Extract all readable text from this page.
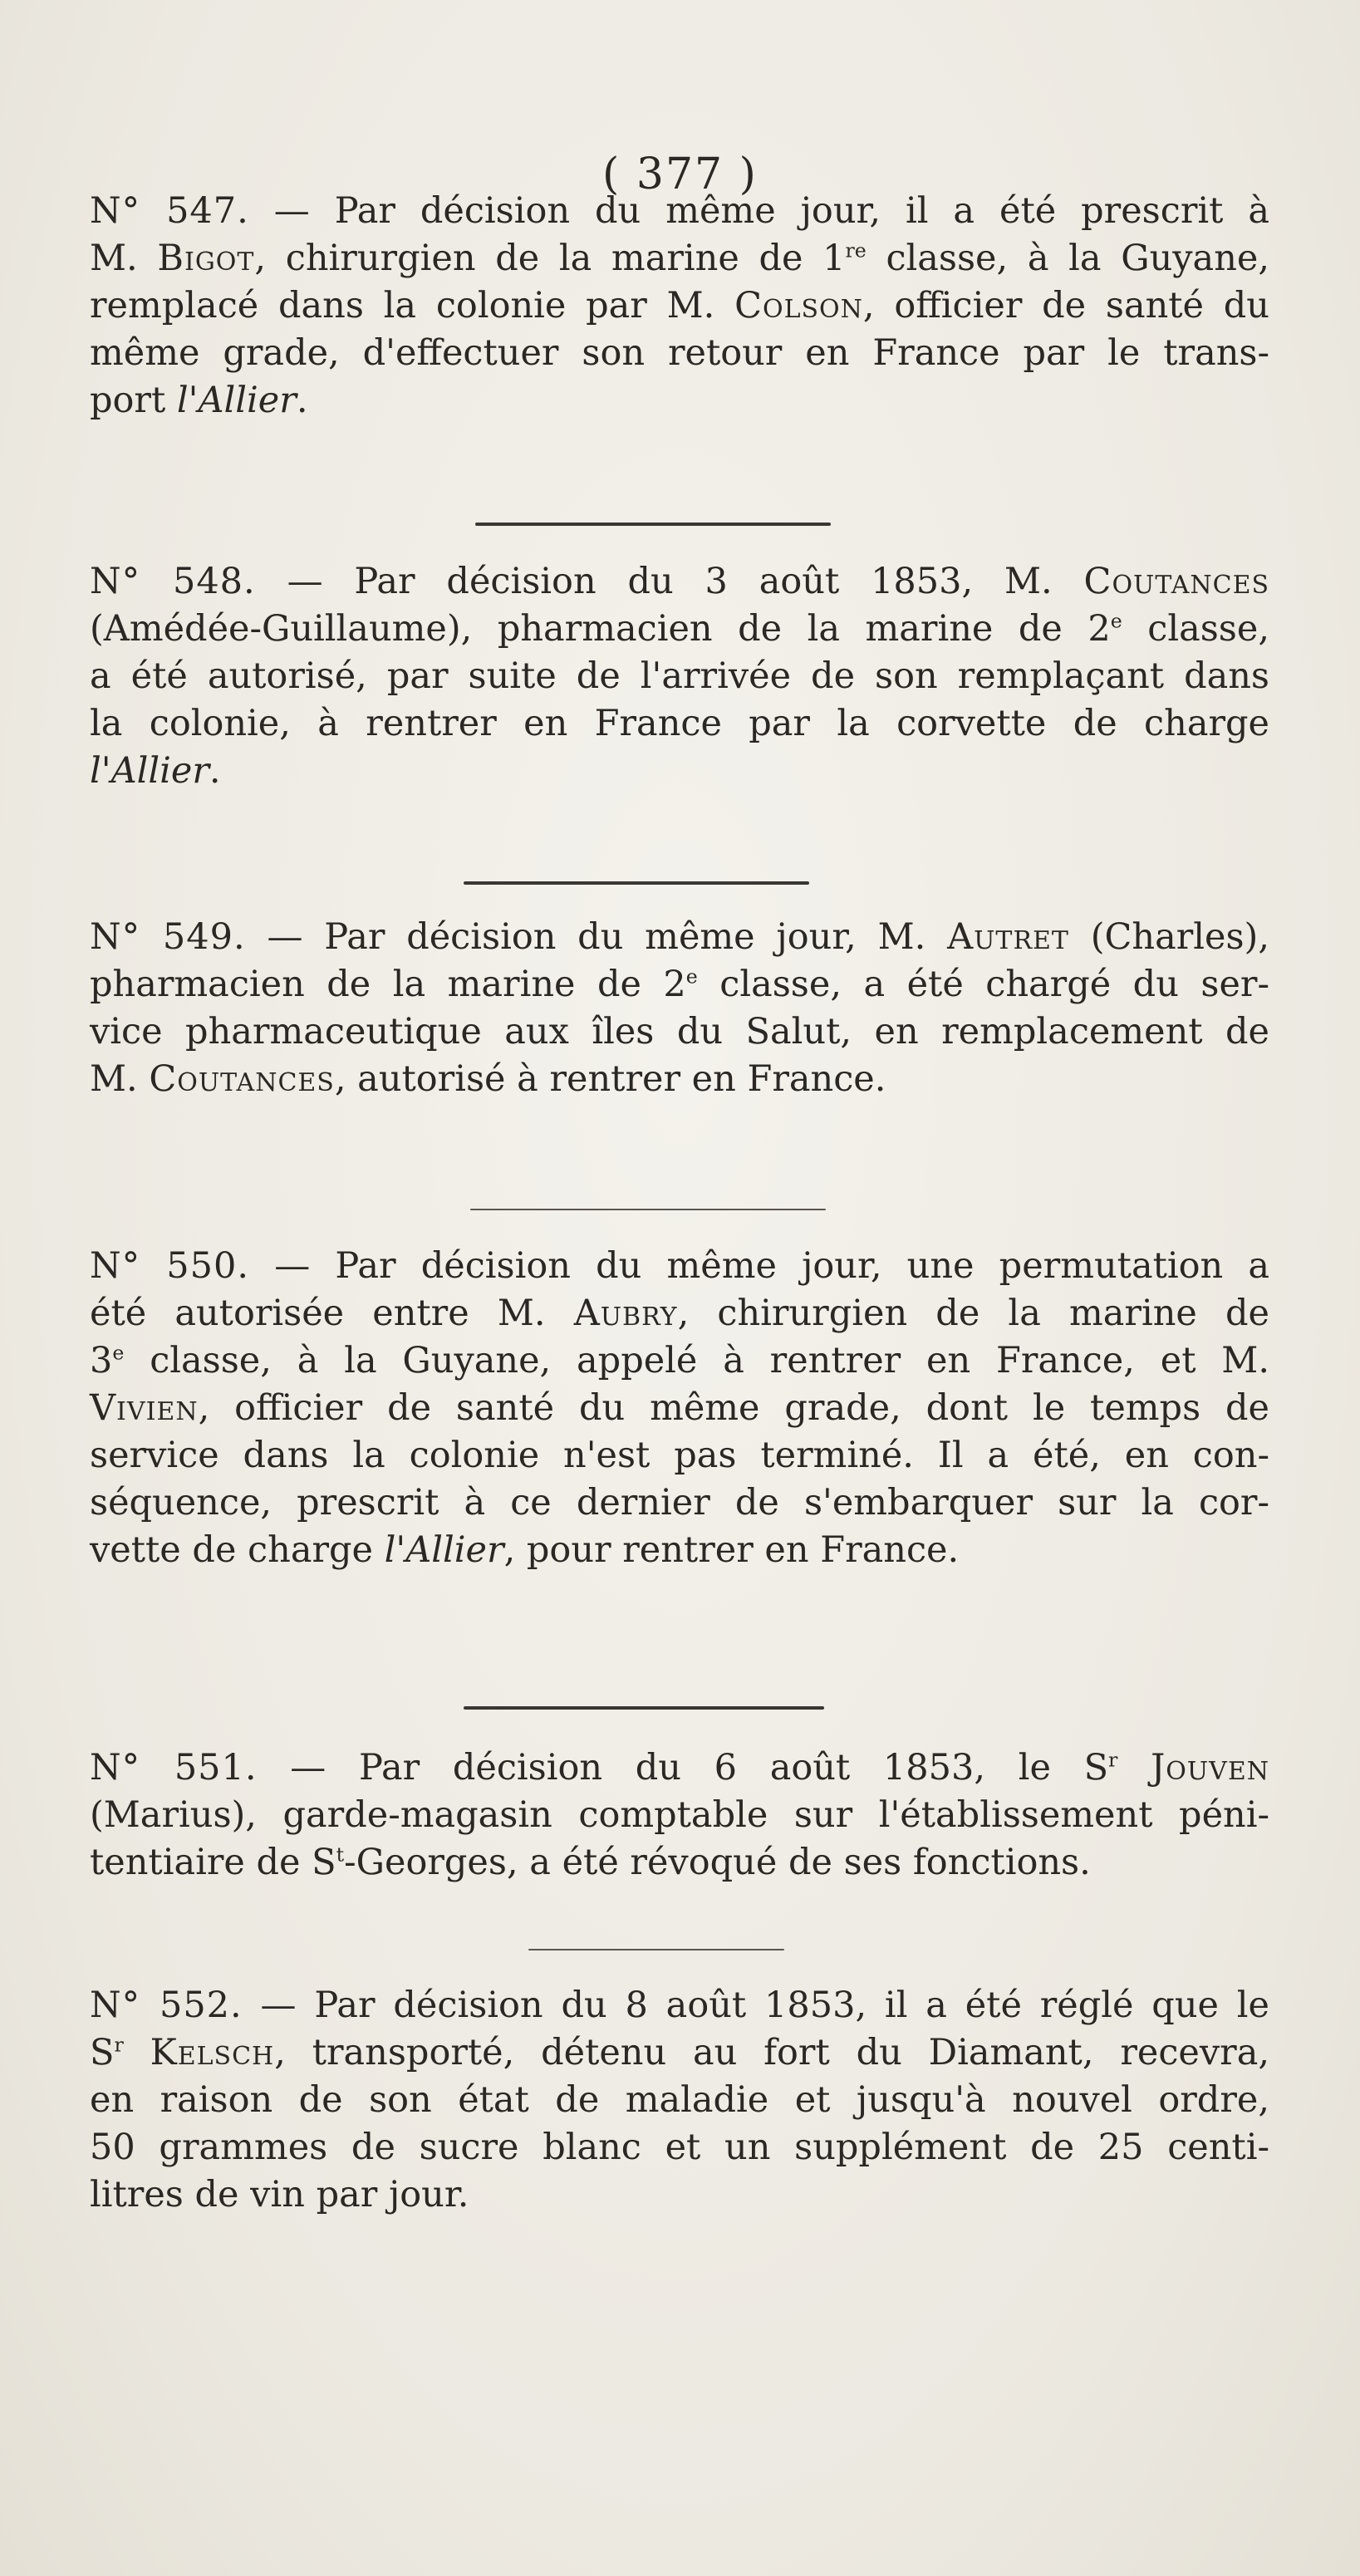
( 377 )

N° 547. — Par décision du même jour, il a été prescrit à

M. Bigot, chirurgien de la marine de 1re classe, à la Guyane,

remplacé dans la colonie par M. Colson, officier de santé du

même grade, d'effectuer son retour en France par le trans-

port l'Allier.

N° 548. — Par décision du 3 août 1853, M. Coutances

(Amédée-Guillaume), pharmacien de la marine de 2e classe,

a été autorisé, par suite de l'arrivée de son remplaçant dans

la colonie, à rentrer en France par la corvette de charge

l'Allier.

N° 549. — Par décision du même jour, M. Autret (Charles),

pharmacien de la marine de 2e classe, a été chargé du ser-

vice pharmaceutique aux îles du Salut, en remplacement de

M. Coutances, autorisé à rentrer en France.

N° 550. — Par décision du même jour, une permutation a

été autorisée entre M. Aubry, chirurgien de la marine de

3e classe, à la Guyane, appelé à rentrer en France, et M.

Vivien, officier de santé du même grade, dont le temps de

service dans la colonie n'est pas terminé. Il a été, en con-

séquence, prescrit à ce dernier de s'embarquer sur la cor-

vette de charge l'Allier, pour rentrer en France.

N° 551. — Par décision du 6 août 1853, le $S^r$ Jouven

(Marius), garde-magasin comptable sur l'établissement péni-

tentiaire de $S^t$-Georges, a été révoqué de ses fonctions.

N° 552. — Par décision du 8 août 1853, il a été réglé que le

$S^r$ Kelsch, transporté, détenu au fort du Diamant, recevra,

en raison de son état de maladie et jusqu'à nouvel ordre,

50 grammes de sucre blanc et un supplément de 25 centi-

litres de vin par jour.
